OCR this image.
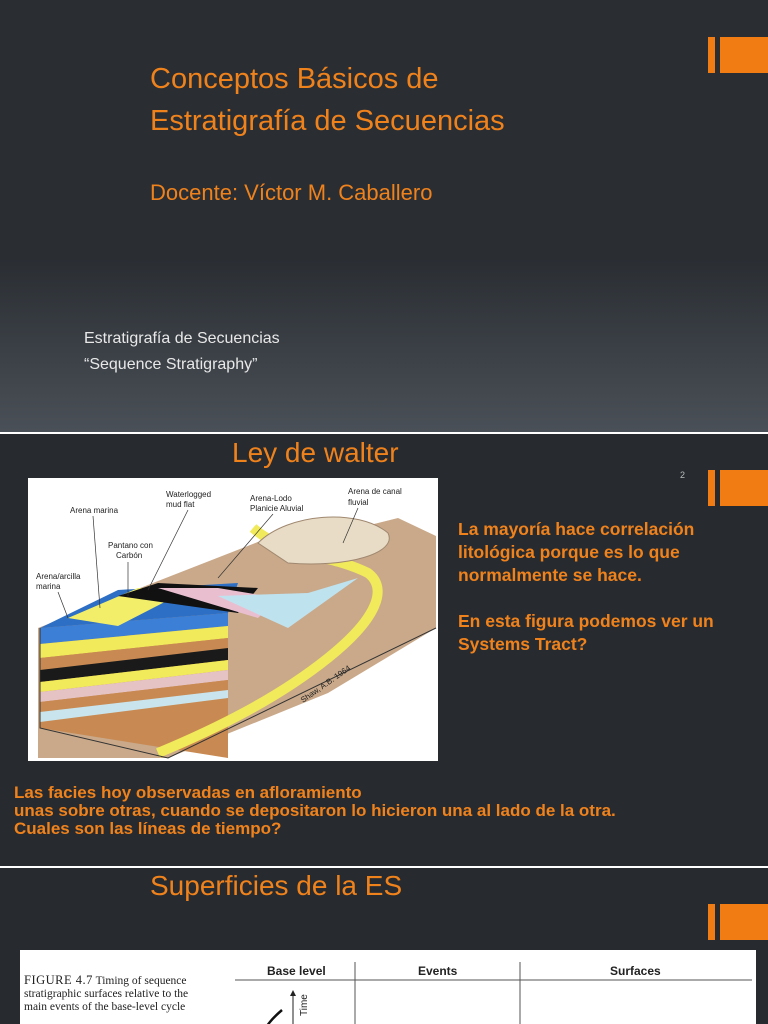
Conceptos Básicos de
Estratigrafía de Secuencias
Docente: Víctor M. Caballero
Estratigrafía de Secuencias
“Sequence Stratigraphy”
Ley de walter
2
Arena marina
Waterlogged
mud flat
Arena-Lodo
Planicie Aluvial
Arena de canal
fluvial
Pantano con
Carbón
Arena/arcilla
marina
Shaw, A.B. 1964
La mayoría hace correlación litológica porque es lo que normalmente se hace.
En esta figura podemos ver un Systems Tract?
Las facies hoy observadas en afloramiento
unas sobre otras, cuando se depositaron lo hicieron una al lado de la otra.
Cuales son las líneas de tiempo?
Superficies de la ES
FIGURE 4.7 Timing of sequence
stratigraphic surfaces relative to the
main events of the base-level cycle
Base level	Events	Surfaces
Time
